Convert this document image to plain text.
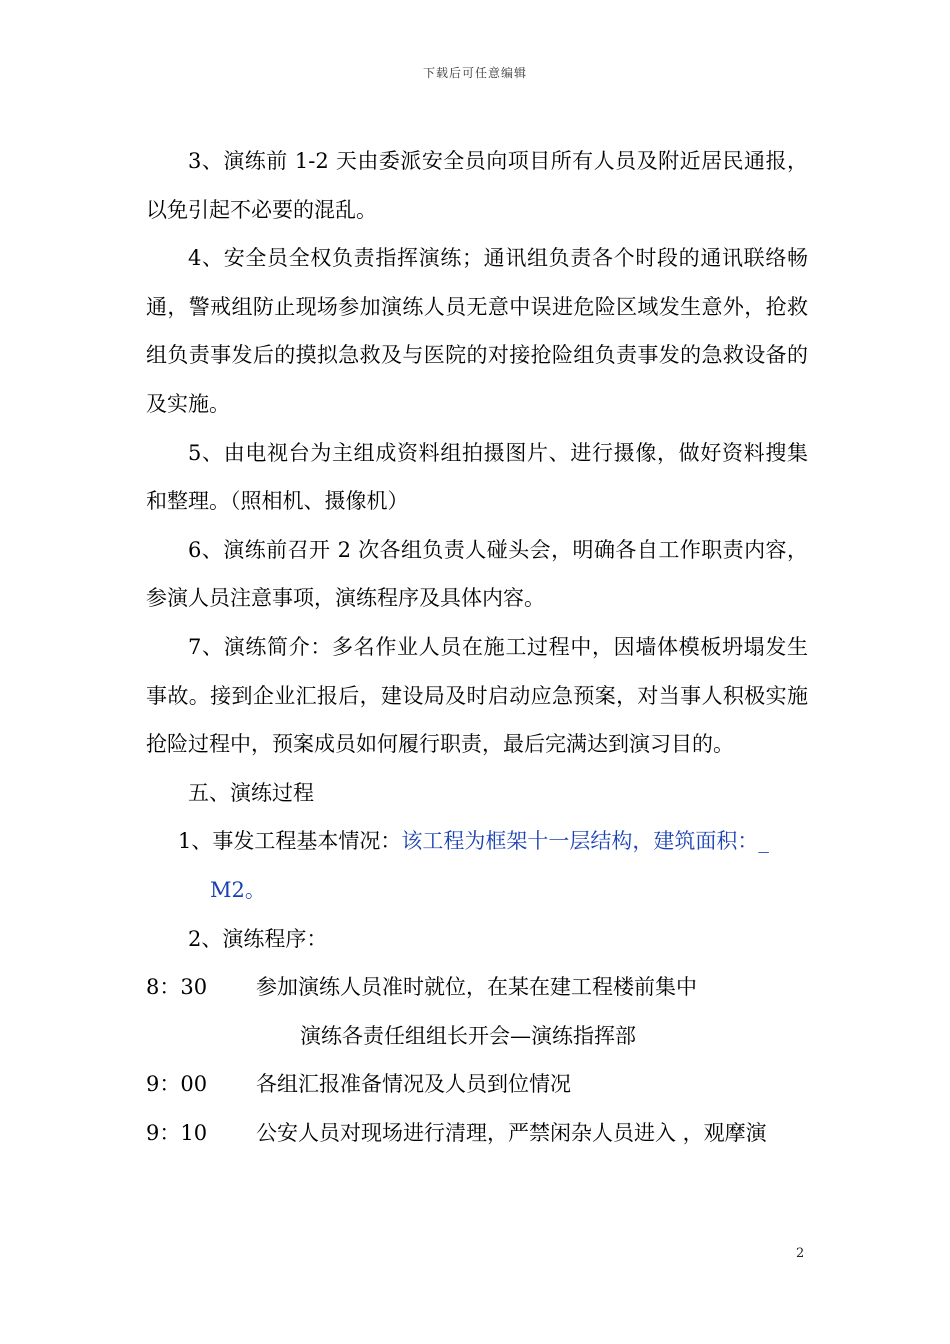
下载后可任意编辑

3、演练前 1-2 天由委派安全员向项目所有人员及附近居民通报，以免引起不必要的混乱。

4、安全员全权负责指挥演练；通讯组负责各个时段的通讯联络畅通，警戒组防止现场参加演练人员无意中误进危险区域发生意外，抢救组负责事发后的摸拟急救及与医院的对接抢险组负责事发的急救设备的及实施。

5、由电视台为主组成资料组拍摄图片、进行摄像，做好资料搜集和整理。（照相机、摄像机）

6、演练前召开 2 次各组负责人碰头会，明确各自工作职责内容，参演人员注意事项，演练程序及具体内容。

7、演练简介：多名作业人员在施工过程中，因墙体模板坍塌发生事故。接到企业汇报后，建设局及时启动应急预案，对当事人积极实施抢险过程中，预案成员如何履行职责，最后完满达到演习目的。

五、演练过程

1、事发工程基本情况：该工程为框架十一层结构，建筑面积：_
M2。

2、演练程序：

8：30	参加演练人员准时就位，在某在建工程楼前集中
演练各责任组组长开会—演练指挥部
9：00	各组汇报准备情况及人员到位情况
9：10	公安人员对现场进行清理，严禁闲杂人员进入 ，观摩演
2
